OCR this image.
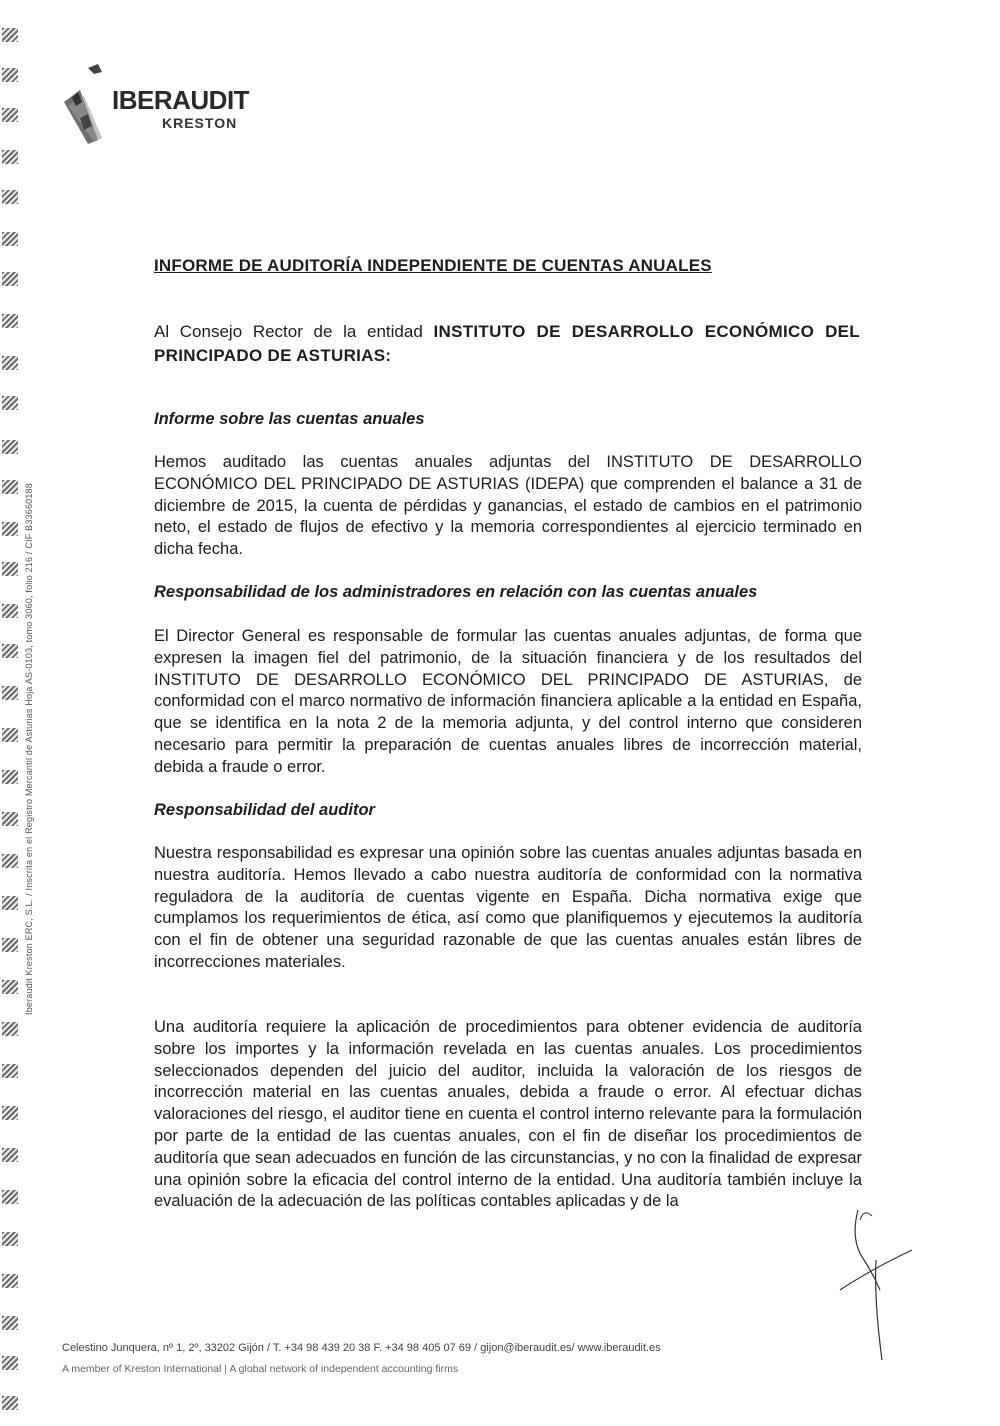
Iberaudit Kreston ERC, S.L. / Inscrita en el Registro Mercantil de Asturias Hoja AS-0103, tomo 3060, folio 216 / CIF B33660188
IBERAUDIT
KRESTON
INFORME DE AUDITORÍA INDEPENDIENTE DE CUENTAS ANUALES

Al Consejo Rector de la entidad INSTITUTO DE DESARROLLO ECONÓMICO DEL PRINCIPADO DE ASTURIAS:

Informe sobre las cuentas anuales

Hemos auditado las cuentas anuales adjuntas del INSTITUTO DE DESARROLLO ECONÓMICO DEL PRINCIPADO DE ASTURIAS (IDEPA) que comprenden el balance a 31 de diciembre de 2015, la cuenta de pérdidas y ganancias, el estado de cambios en el patrimonio neto, el estado de flujos de efectivo y la memoria correspondientes al ejercicio terminado en dicha fecha.

Responsabilidad de los administradores en relación con las cuentas anuales

El Director General es responsable de formular las cuentas anuales adjuntas, de forma que expresen la imagen fiel del patrimonio, de la situación financiera y de los resultados del INSTITUTO DE DESARROLLO ECONÓMICO DEL PRINCIPADO DE ASTURIAS, de conformidad con el marco normativo de información financiera aplicable a la entidad en España, que se identifica en la nota 2 de la memoria adjunta, y del control interno que consideren necesario para permitir la preparación de cuentas anuales libres de incorrección material, debida a fraude o error.

Responsabilidad del auditor

Nuestra responsabilidad es expresar una opinión sobre las cuentas anuales adjuntas basada en nuestra auditoría. Hemos llevado a cabo nuestra auditoría de conformidad con la normativa reguladora de la auditoría de cuentas vigente en España. Dicha normativa exige que cumplamos los requerimientos de ética, así como que planifiquemos y ejecutemos la auditoría con el fin de obtener una seguridad razonable de que las cuentas anuales están libres de incorrecciones materiales.

Una auditoría requiere la aplicación de procedimientos para obtener evidencia de auditoría sobre los importes y la información revelada en las cuentas anuales. Los procedimientos seleccionados dependen del juicio del auditor, incluida la valoración de los riesgos de incorrección material en las cuentas anuales, debida a fraude o error. Al efectuar dichas valoraciones del riesgo, el auditor tiene en cuenta el control interno relevante para la formulación por parte de la entidad de las cuentas anuales, con el fin de diseñar los procedimientos de auditoría que sean adecuados en función de las circunstancias, y no con la finalidad de expresar una opinión sobre la eficacia del control interno de la entidad. Una auditoría también incluye la evaluación de la adecuación de las políticas contables aplicadas y de la

Celestino Junquera, nº 1, 2º, 33202 Gijón / T. +34 98 439 20 38 F. +34 98 405 07 69 / gijon@iberaudit.es/ www.iberaudit.es
A member of Kreston International | A global network of independent accounting firms
